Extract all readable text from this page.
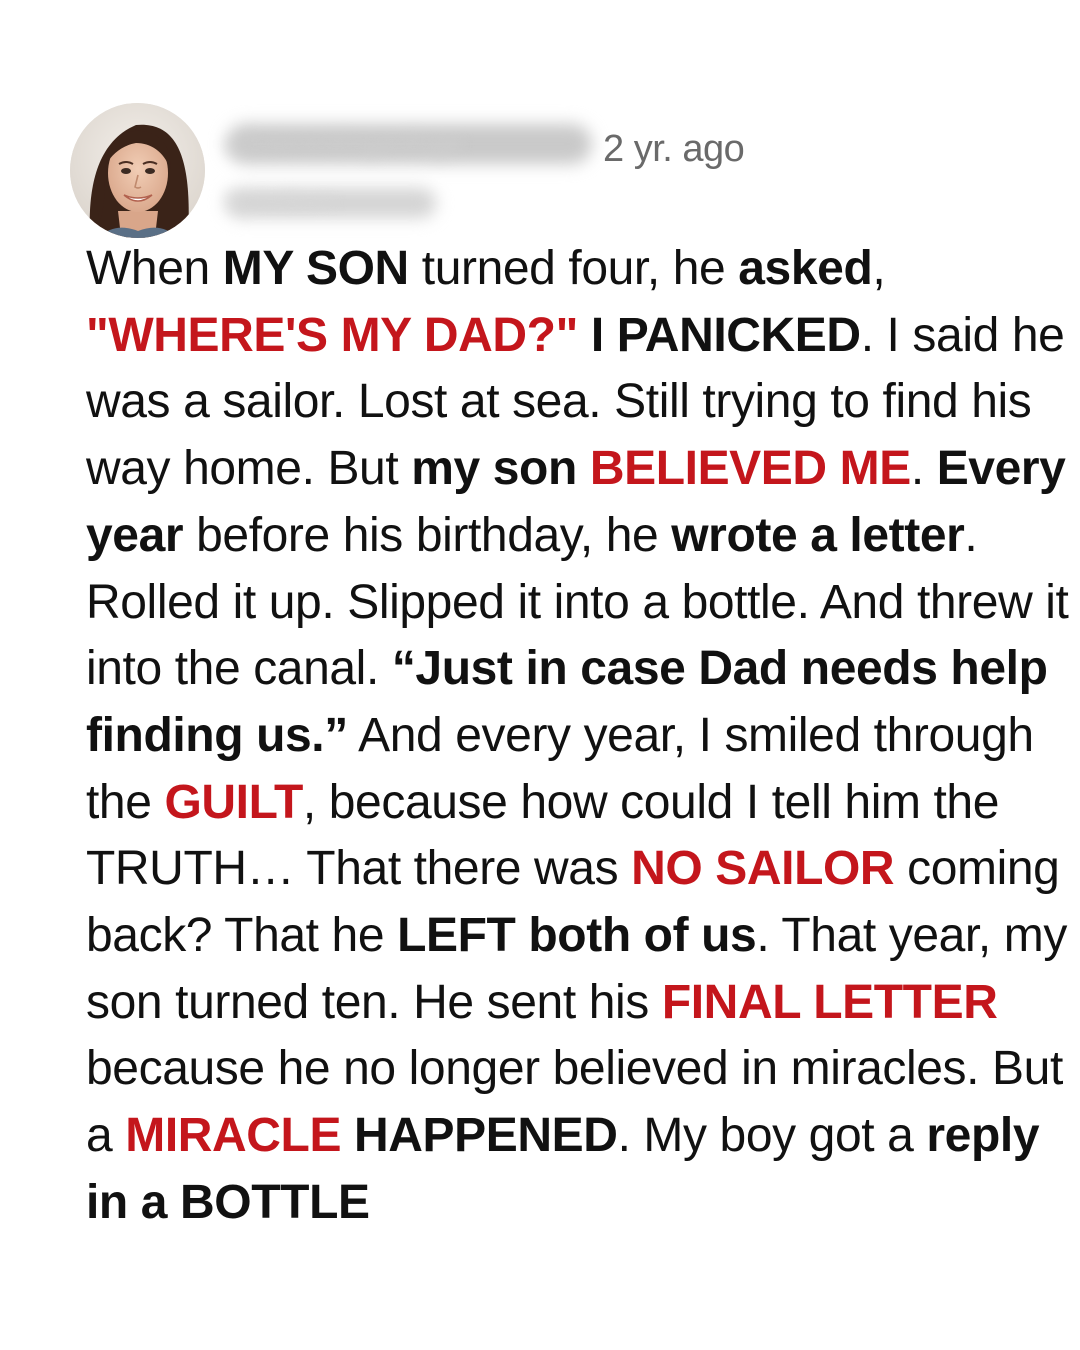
u/interestingasfuge
by kelbum
2 yr. ago

When MY SON turned four, he asked, "WHERE'S MY DAD?" I PANICKED. I said he was a sailor. Lost at sea. Still trying to find his way home. But my son BELIEVED ME. Every year before his birthday, he wrote a letter. Rolled it up. Slipped it into a bottle. And threw it into the canal. “Just in case Dad needs help finding us.” And every year, I smiled through the GUILT, because how could I tell him the TRUTH… That there was NO SAILOR coming back? That he LEFT both of us. That year, my son turned ten. He sent his FINAL LETTER because he no longer believed in miracles. But a MIRACLE HAPPENED. My boy got a reply in a BOTTLE
